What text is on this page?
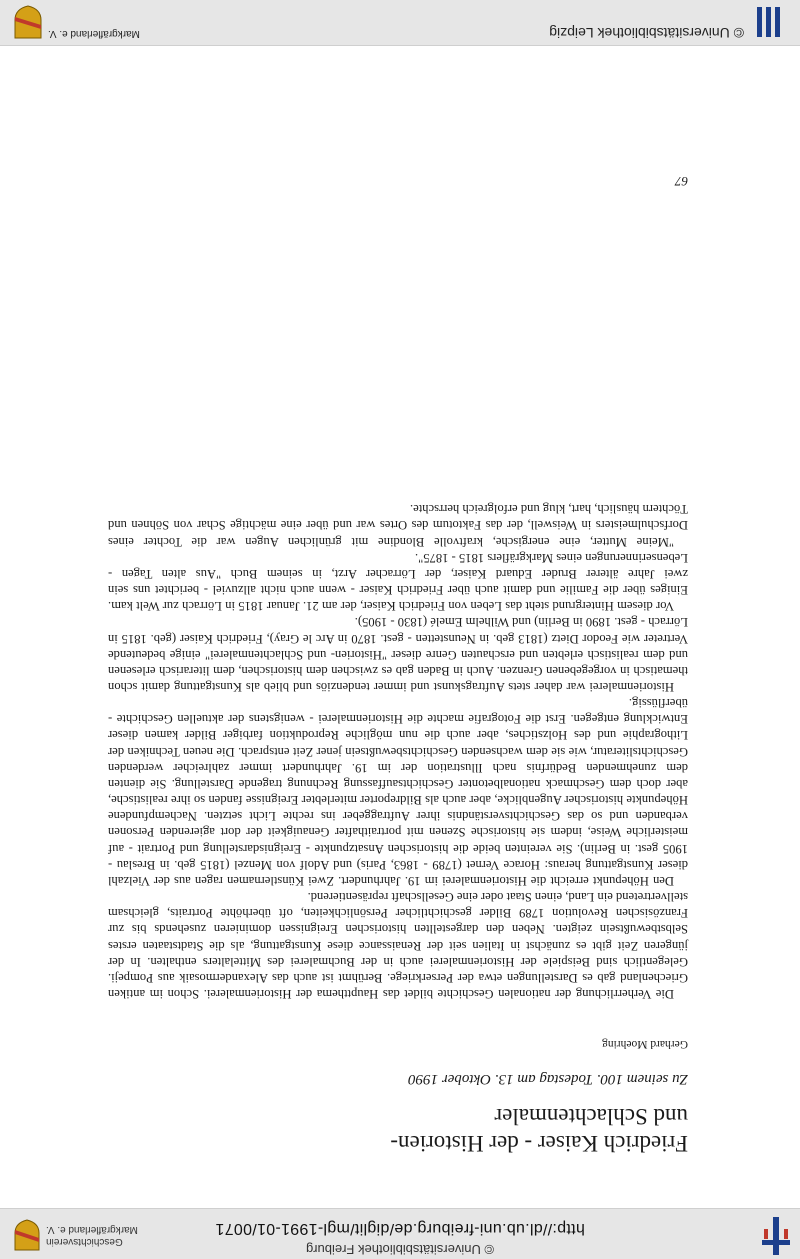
© Universitätsbibliothek Freiburg
http://dl.ub.uni-freiburg.de/diglit/mgl-1991-01/0071
Geschichtsverein
Markgräflerland e. V.
Friedrich Kaiser - der Historien-
und Schlachtenmaler

Zu seinem 100. Todestag am 13. Oktober 1990

Gerhard Moehring

Die Verherrlichung der nationalen Geschichte bildet das Hauptthema der Historienmalerei. Schon im antiken Griechenland gab es Darstellungen etwa der Perserkriege. Berühmt ist auch das Alexandermosaik aus Pompeji. Gelegentlich sind Beispiele der Historienmalerei auch in der Buchmalerei des Mittelalters enthalten. In der jüngeren Zeit gibt es zunächst in Italien seit der Renaissance diese Kunstgattung, als die Stadtstaaten erstes Selbstbewußtsein zeigten. Neben den dargestellten historischen Ereignissen dominieren zusehends bis zur Französischen Revolution 1789 Bilder geschichtlicher Persönlichkeiten, oft überhöhte Portraits, gleichsam stellvertretend ein Land, einen Staat oder eine Gesellschaft repräsentierend.

Den Höhepunkt erreicht die Historienmalerei im 19. Jahrhundert. Zwei Künstlernamen ragen aus der Vielzahl dieser Kunstgattung heraus: Horace Vernet (1789 - 1863, Paris) und Adolf von Menzel (1815 geb. in Breslau - 1905 gest. in Berlin). Sie vereinten beide die historischen Ansatzpunkte - Ereignisdarstellung und Portrait - auf meisterliche Weise, indem sie historische Szenen mit portraithafter Genauigkeit der dort agierenden Personen verbanden und so das Geschichtsverständnis ihrer Auftraggeber ins rechte Licht setzten. Nachempfundene Höhepunkte historischer Augenblicke, aber auch als Bildreporter miterlebter Ereignisse fanden so ihre realistische, aber doch dem Geschmack nationalbetonter Geschichtsauffassung Rechnung tragende Darstellung. Sie dienten dem zunehmenden Bedürfnis nach Illustration der im 19. Jahrhundert immer zahlreicher werdenden Geschichtsliteratur, wie sie dem wachsenden Geschichtsbewußtsein jener Zeit entsprach. Die neuen Techniken der Lithographie und des Holzstiches, aber auch die nun mögliche Reproduktion farbiger Bilder kamen dieser Entwicklung entgegen. Erst die Fotografie machte die Historienmalerei - wenigstens der aktuellen Geschichte - überflüssig.

Historienmalerei war daher stets Auftragskunst und immer tendenziös und blieb als Kunstgattung damit schon thematisch in vorgegebenen Grenzen. Auch in Baden gab es zwischen dem historischen, dem literarisch erlesenen und dem realistisch erlebten und erschauten Genre dieser "Historien- und Schlachtenmalerei" einige bedeutende Vertreter wie Feodor Dietz (1813 geb. in Neunstetten - gest. 1870 in Arc le Gray), Friedrich Kaiser (geb. 1815 in Lörrach - gest. 1890 in Berlin) und Wilhelm Emelé (1830 - 1905).

Vor diesem Hintergrund steht das Leben von Friedrich Kaiser, der am 21. Januar 1815 in Lörrach zur Welt kam. Einiges über die Familie und damit auch über Friedrich Kaiser - wenn auch nicht allzuviel - berichtet uns sein zwei Jahre älterer Bruder Eduard Kaiser, der Lörracher Arzt, in seinem Buch "Aus alten Tagen - Lebenserinnerungen eines Markgräflers 1815 - 1875".

"Meine Mutter, eine energische, kraftvolle Blondine mit grünlichen Augen war die Tochter eines Dorfschulmeisters in Weiswell, der das Faktotum des Ortes war und über eine mächtige Schar von Söhnen und Töchtern häuslich, hart, klug und erfolgreich herrschte.

67
© Universitätsbibliothek Leipzig
Markgräflerland e. V.
